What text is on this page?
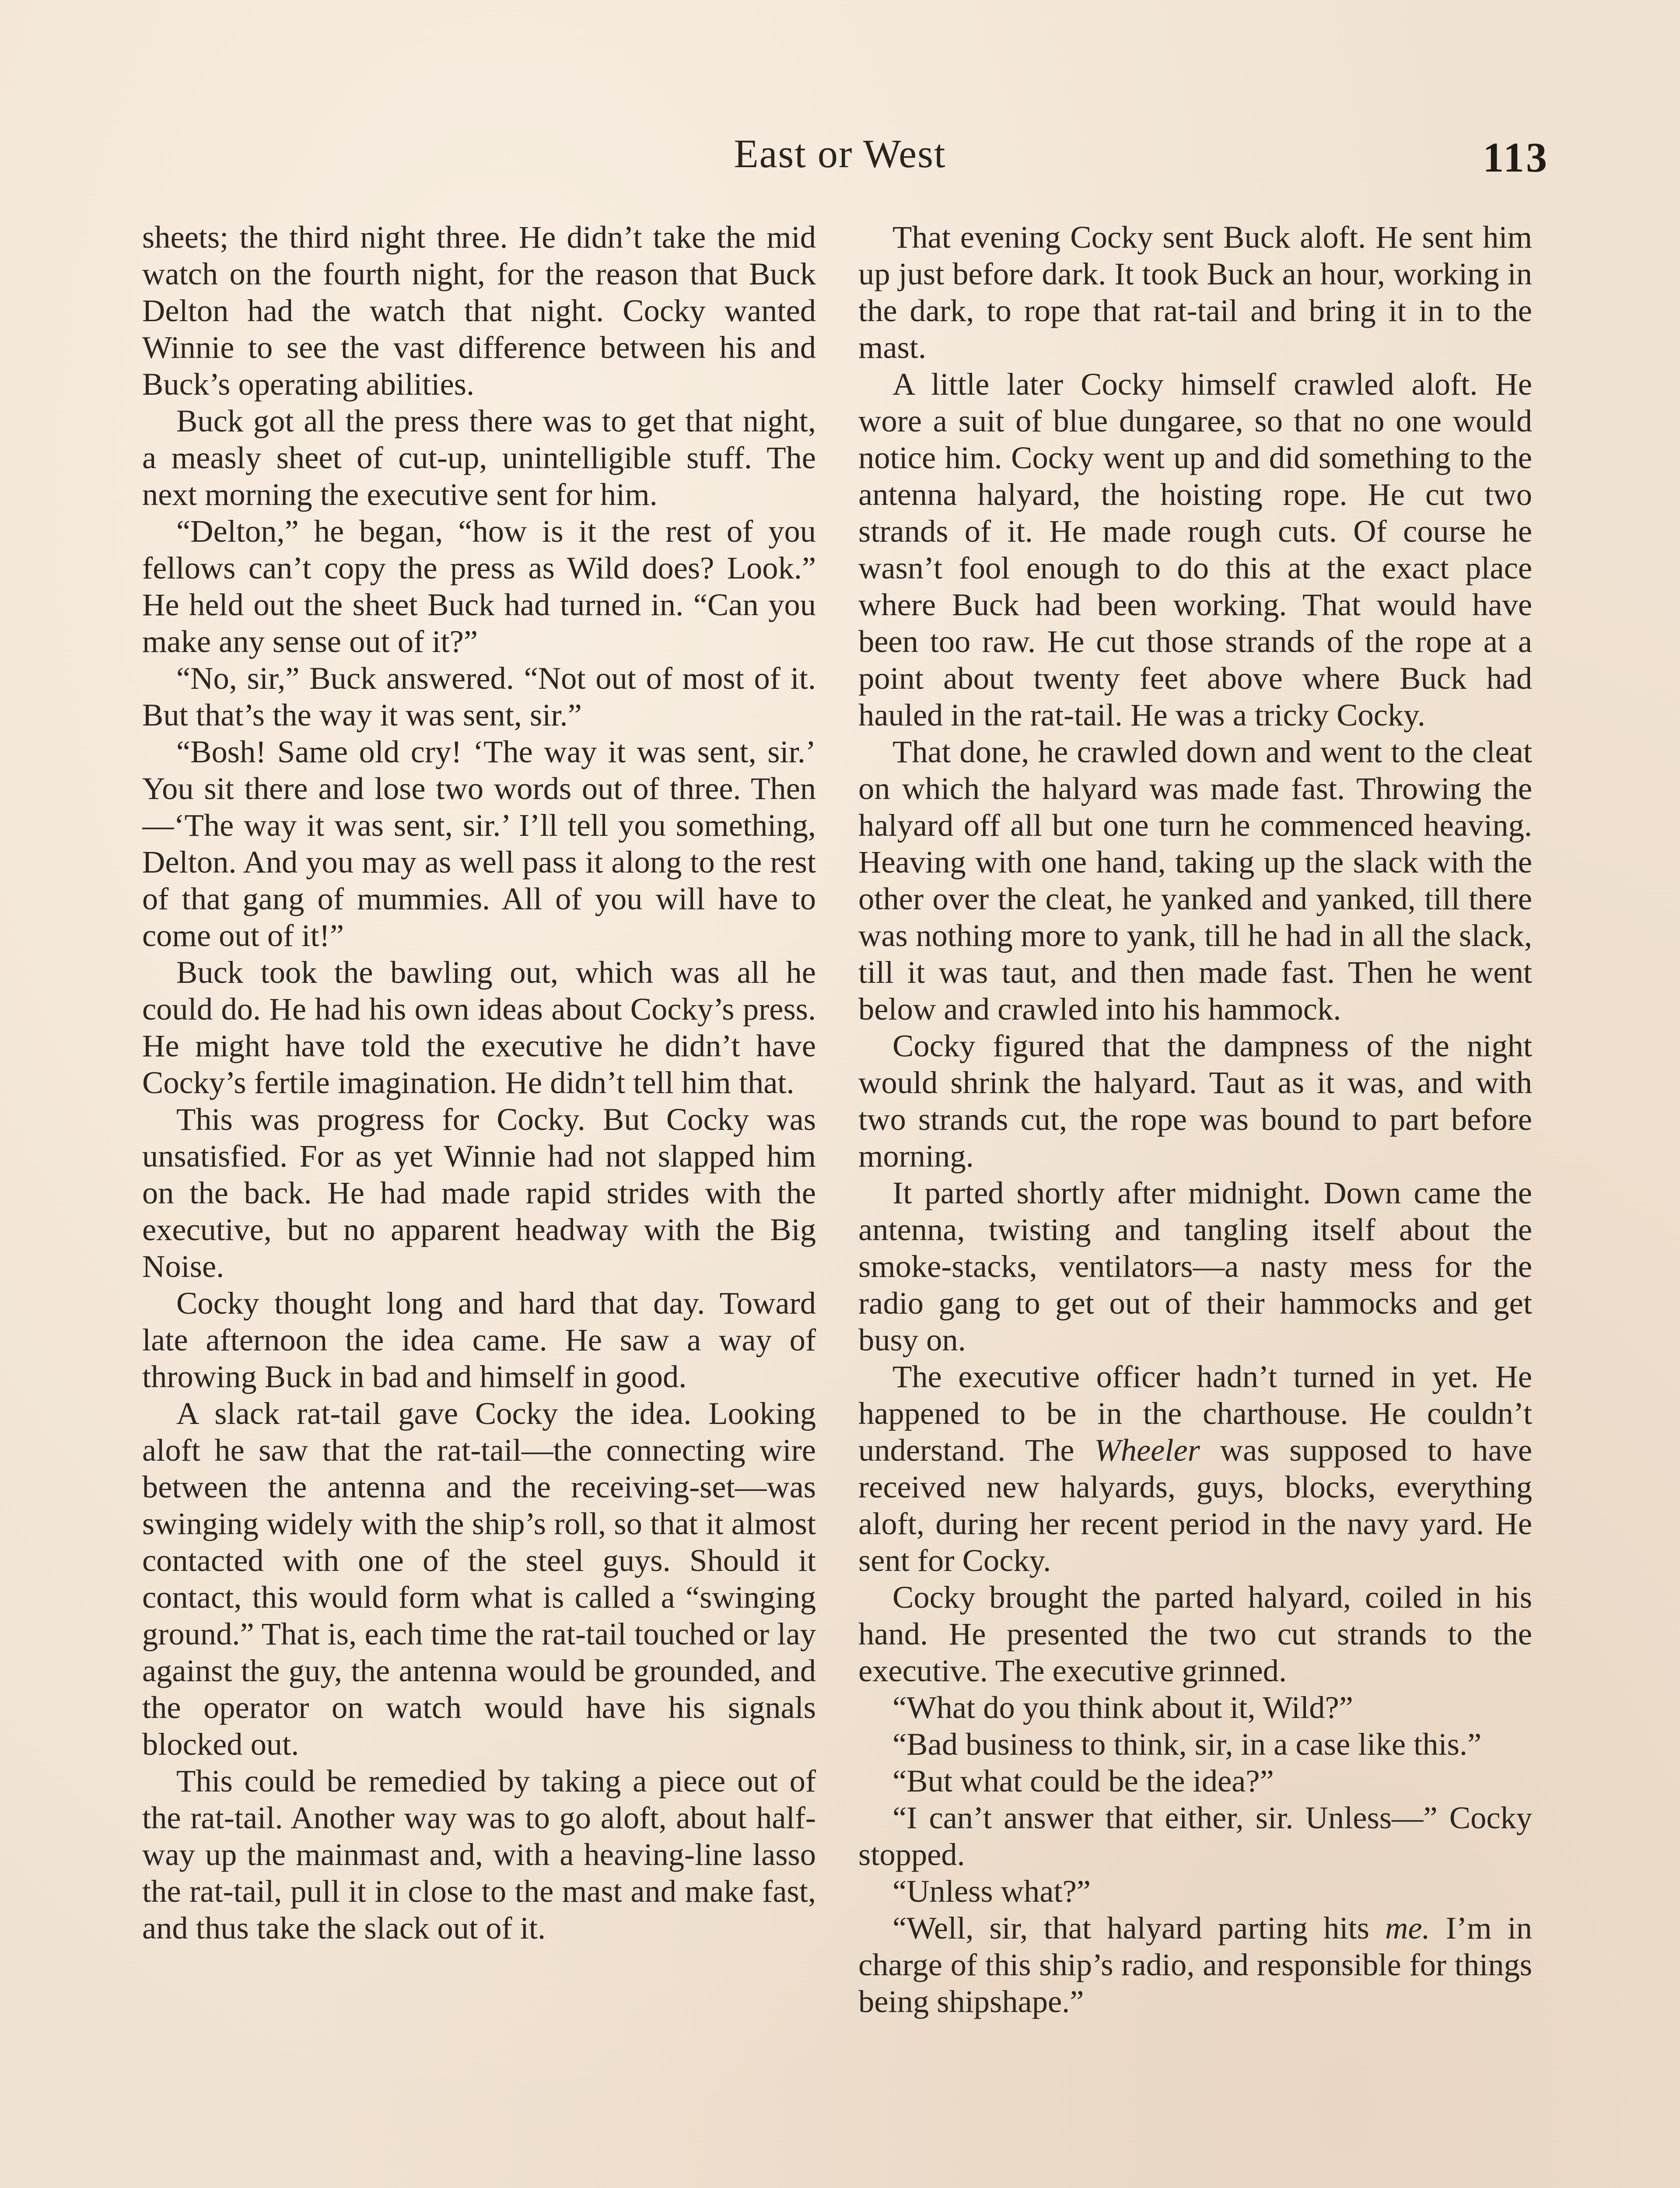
East or West	113

sheets; the third night three. He didn’t take the mid watch on the fourth night, for the reason that Buck Delton had the watch that night. Cocky wanted Winnie to see the vast difference between his and Buck’s operating abilities.

Buck got all the press there was to get that night, a measly sheet of cut-up, unintelligible stuff. The next morning the executive sent for him.

“Delton,” he began, “how is it the rest of you fellows can’t copy the press as Wild does? Look.” He held out the sheet Buck had turned in. “Can you make any sense out of it?”

“No, sir,” Buck answered. “Not out of most of it. But that’s the way it was sent, sir.”

“Bosh! Same old cry! ‘The way it was sent, sir.’ You sit there and lose two words out of three. Then—‘The way it was sent, sir.’ I’ll tell you something, Delton. And you may as well pass it along to the rest of that gang of mummies. All of you will have to come out of it!”

Buck took the bawling out, which was all he could do. He had his own ideas about Cocky’s press. He might have told the executive he didn’t have Cocky’s fertile imagination. He didn’t tell him that.

This was progress for Cocky. But Cocky was unsatisfied. For as yet Winnie had not slapped him on the back. He had made rapid strides with the executive, but no apparent headway with the Big Noise.

Cocky thought long and hard that day. Toward late afternoon the idea came. He saw a way of throwing Buck in bad and himself in good.

A slack rat-tail gave Cocky the idea. Looking aloft he saw that the rat-tail—the connecting wire between the antenna and the receiving-set—was swinging widely with the ship’s roll, so that it almost contacted with one of the steel guys. Should it contact, this would form what is called a “swinging ground.” That is, each time the rat-tail touched or lay against the guy, the antenna would be grounded, and the operator on watch would have his signals blocked out.

This could be remedied by taking a piece out of the rat-tail. Another way was to go aloft, about half-way up the mainmast and, with a heaving-line lasso the rat-tail, pull it in close to the mast and make fast, and thus take the slack out of it.

That evening Cocky sent Buck aloft. He sent him up just before dark. It took Buck an hour, working in the dark, to rope that rat-tail and bring it in to the mast.

A little later Cocky himself crawled aloft. He wore a suit of blue dungaree, so that no one would notice him. Cocky went up and did something to the antenna halyard, the hoisting rope. He cut two strands of it. He made rough cuts. Of course he wasn’t fool enough to do this at the exact place where Buck had been working. That would have been too raw. He cut those strands of the rope at a point about twenty feet above where Buck had hauled in the rat-tail. He was a tricky Cocky.

That done, he crawled down and went to the cleat on which the halyard was made fast. Throwing the halyard off all but one turn he commenced heaving. Heaving with one hand, taking up the slack with the other over the cleat, he yanked and yanked, till there was nothing more to yank, till he had in all the slack, till it was taut, and then made fast. Then he went below and crawled into his hammock.

Cocky figured that the dampness of the night would shrink the halyard. Taut as it was, and with two strands cut, the rope was bound to part before morning.

It parted shortly after midnight. Down came the antenna, twisting and tangling itself about the smoke-stacks, ventilators—a nasty mess for the radio gang to get out of their hammocks and get busy on.

The executive officer hadn’t turned in yet. He happened to be in the charthouse. He couldn’t understand. The Wheeler was supposed to have received new halyards, guys, blocks, everything aloft, during her recent period in the navy yard. He sent for Cocky.

Cocky brought the parted halyard, coiled in his hand. He presented the two cut strands to the executive. The executive grinned.

“What do you think about it, Wild?”

“Bad business to think, sir, in a case like this.”

“But what could be the idea?”

“I can’t answer that either, sir. Unless—” Cocky stopped.

“Unless what?”

“Well, sir, that halyard parting hits me. I’m in charge of this ship’s radio, and responsible for things being shipshape.”
